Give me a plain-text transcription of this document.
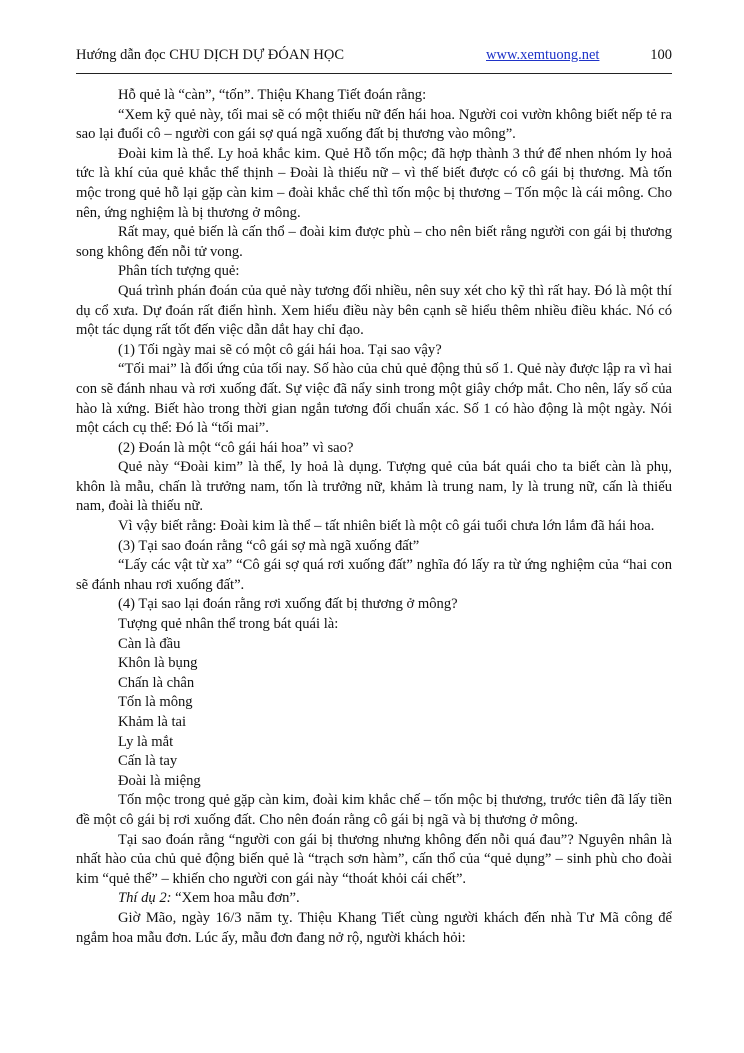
Hướng dẫn đọc CHU DỊCH DỰ ĐÓAN HỌC	www.xemtuong.net	100

Hỗ quẻ là “càn”, “tốn”. Thiệu Khang Tiết đoán rằng:

“Xem kỹ quẻ này, tối mai sẽ có một thiếu nữ đến hái hoa. Người coi vườn không biết nếp tẻ ra sao lại đuổi cô – người con gái sợ quá ngã xuống đất bị thương vào mông”.

Đoài kim là thể. Ly hoả khắc kim. Quẻ Hỗ tốn mộc; đã hợp thành 3 thứ để nhen nhóm ly hoả tức là khí của quẻ khắc thể thịnh – Đoài là thiếu nữ – vì thế biết được có cô gái bị thương. Mà tốn mộc trong quẻ hỗ lại gặp càn kim – đoài khắc chế thì tốn mộc bị thương – Tốn mộc là cái mông. Cho nên, ứng nghiệm là bị thương ở mông.

Rất may, quẻ biến là cấn thổ – đoài kim được phù – cho nên biết rằng người con gái bị thương song không đến nỗi tử vong.

Phân tích tượng quẻ:

Quá trình phán đoán của quẻ này tương đối nhiều, nên suy xét cho kỹ thì rất hay. Đó là một thí dụ cổ xưa. Dự đoán rất điển hình. Xem hiểu điều này bên cạnh sẽ hiểu thêm nhiều điều khác. Nó có một tác dụng rất tốt đến việc dẫn dắt hay chỉ đạo.

(1) Tối ngày mai sẽ có một cô gái hái hoa. Tại sao vậy?

“Tối mai” là đối ứng của tối nay. Số hào của chủ quẻ động thủ số 1. Quẻ này được lập ra vì hai con sẽ đánh nhau và rơi xuống đất. Sự việc đã nẩy sinh trong một giây chớp mắt. Cho nên, lấy số của hào là xứng. Biết hào trong thời gian ngắn tương đối chuẩn xác. Số 1 có hào động là một ngày. Nói một cách cụ thể: Đó là “tối mai”.

(2) Đoán là một “cô gái hái hoa” vì sao?

Quẻ này “Đoài kim” là thể, ly hoả là dụng. Tượng quẻ của bát quái cho ta biết càn là phụ, khôn là mẫu, chấn là trưởng nam, tốn là trưởng nữ, khảm là trung nam, ly là trung nữ, cấn là thiếu nam, đoài là thiếu nữ.

Vì vậy biết rằng: Đoài kim là thể – tất nhiên biết là một cô gái tuổi chưa lớn lắm đã hái hoa.

(3) Tại sao đoán rằng “cô gái sợ mà ngã xuống đất”

“Lấy các vật từ xa” “Cô gái sợ quá rơi xuống đất” nghĩa đó lấy ra từ ứng nghiệm của “hai con sẽ đánh nhau rơi xuống đất”.

(4) Tại sao lại đoán rằng rơi xuống đất bị thương ở mông?

Tượng quẻ nhân thể trong bát quái là:

Càn là đầu

Khôn là bụng

Chấn là chân

Tốn là mông

Khảm là tai

Ly là mắt

Cấn là tay

Đoài là miệng

Tốn mộc trong quẻ gặp càn kim, đoài kim khắc chế – tốn mộc bị thương, trước tiên đã lấy tiền đề một cô gái bị rơi xuống đất. Cho nên đoán rằng cô gái bị ngã và bị thương ở mông.

Tại sao đoán rằng “người con gái bị thương nhưng không đến nỗi quá đau”? Nguyên nhân là nhất hào của chủ quẻ động biến quẻ là “trạch sơn hàm”, cấn thổ của “quẻ dụng” – sinh phù cho đoài kim “quẻ thể” – khiến cho người con gái này “thoát khỏi cái chết”.

Thí dụ 2: “Xem hoa mẫu đơn”.

Giờ Mão, ngày 16/3 năm tỵ. Thiệu Khang Tiết cùng người khách đến nhà Tư Mã công để ngắm hoa mẫu đơn. Lúc ấy, mẫu đơn đang nở rộ, người khách hỏi:
